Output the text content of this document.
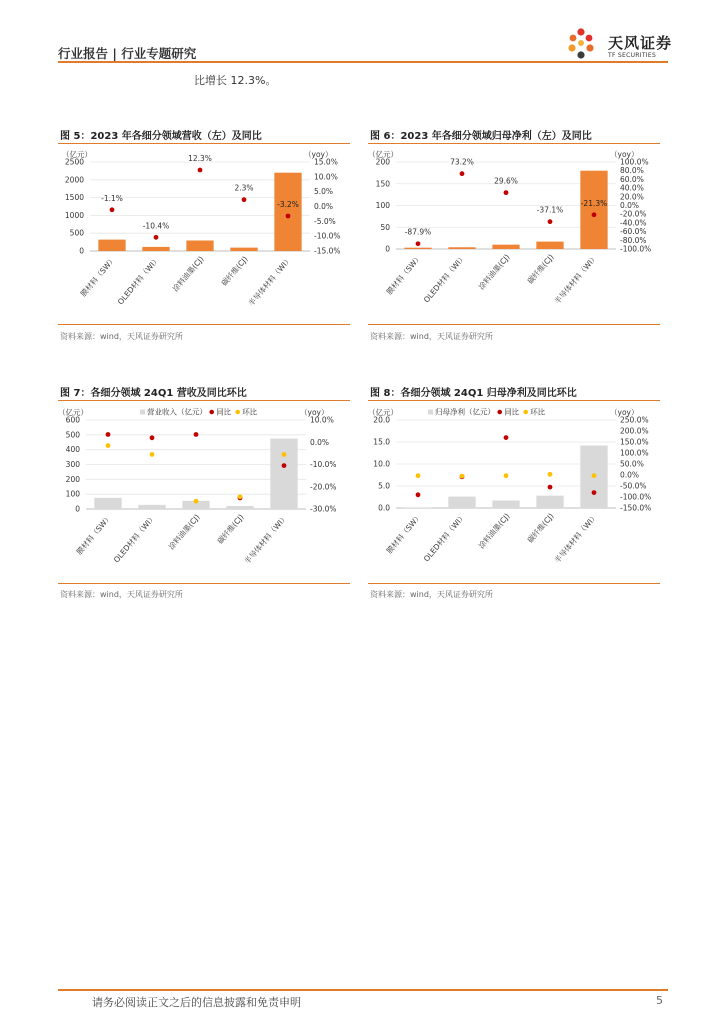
行业报告 | 行业专题研究
天风证券
TF SECURITIES
比增长 12.3%。
图 5：2023 年各细分领域营收（左）及同比
（亿元）	（yoy）
2500
2000
1500
1000
500
0
15.0%
10.0%
5.0%
0.0%
-5.0%
-10.0%
-15.0%
-1.1%
-10.4%
12.3%
2.3%
-3.2%
膜材料（SW）
OLED材料（WI） 涂料油墨(CJ) 碳纤维(CJ)
半导体材料（WI）
资料来源：wind，天风证券研究所
图 6：2023 年各细分领域归母净利（左）及同比
（亿元）	（yoy）
200
150
100
50
0
100.0%
80.0%
60.0%
40.0%
20.0%
0.0%
-20.0%
-40.0%
-60.0%
-80.0%
-100.0%
-87.9%
73.2%
29.6%
-37.1%
-21.3%
膜材料（SW）
OLED材料（WI） 涂料油墨(CJ) 碳纤维(CJ)
半导体材料（WI）
资料来源：wind，天风证券研究所
图 7：各细分领域 24Q1 营收及同比环比
（亿元）	（yoy）
营业收入（亿元） 同比 环比
600
500
400
300
200
100
0
10.0%
0.0%
-10.0%
-20.0%
-30.0%
膜材料（SW）
OLED材料（WI） 涂料油墨(CJ) 碳纤维(CJ)
半导体材料（WI）
资料来源：wind，天风证券研究所
图 8：各细分领域 24Q1 归母净利及同比环比
（亿元）	（yoy）
归母净利（亿元） 同比 环比
20.0
15.0
10.0
5.0
0.0
250.0%
200.0%
150.0%
100.0%
50.0%
0.0%
-50.0%
-100.0%
-150.0%
膜材料（SW）
OLED材料（WI） 涂料油墨(CJ) 碳纤维(CJ)
半导体材料（WI）
资料来源：wind，天风证券研究所
请务必阅读正文之后的信息披露和免责申明	5
